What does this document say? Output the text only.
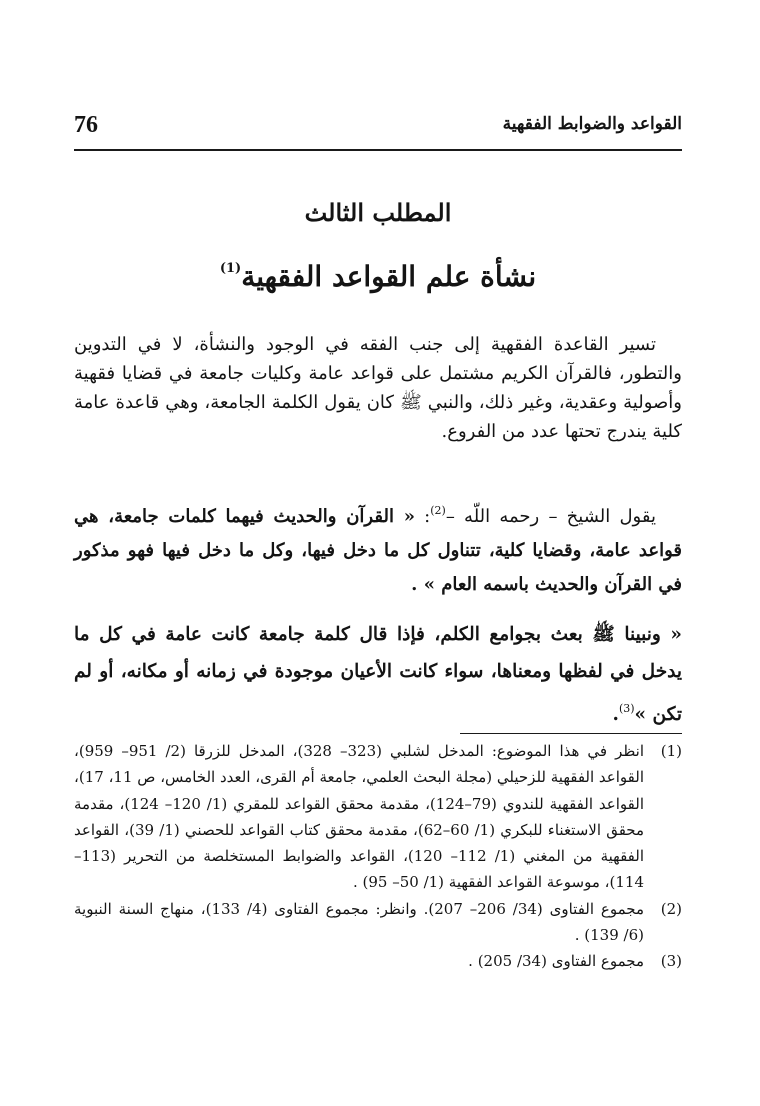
القواعد والضوابط الفقهية
76
المطلب الثالث
نشأة علم القواعد الفقهية$^{(1)}$
تسير القاعدة الفقهية إلى جنب الفقه في الوجود والنشأة، لا في التدوين والتطور، فالقرآن الكريم مشتمل على قواعد عامة وكليات جامعة في قضايا فقهية وأصولية وعقدية، وغير ذلك، والنبي ﷺ كان يقول الكلمة الجامعة، وهي قاعدة عامة كلية يندرج تحتها عدد من الفروع.
يقول الشيخ – رحمه اللّه –$^{(2)}$: « القرآن والحديث فيهما كلمات جامعة، هي قواعد عامة، وقضايا كلية، تتناول كل ما دخل فيها، وكل ما دخل فيها فهو مذكور في القرآن والحديث باسمه العام » .
« ونبينا ﷺ بعث بجوامع الكلم، فإذا قال كلمة جامعة كانت عامة في كل ما يدخل في لفظها ومعناها، سواء كانت الأعيان موجودة في زمانه أو مكانه، أو لم تكن »$^{(3)}$.
(1)
انظر في هذا الموضوع: المدخل لشلبي (323– 328)، المدخل للزرقا (2/ 951– 959)، القواعد الفقهية للزحيلي (مجلة البحث العلمي، جامعة أم القرى، العدد الخامس، ص 11، 17)، القواعد الفقهية للندوي (79–124)، مقدمة محقق القواعد للمقري (1/ 120– 124)، مقدمة محقق الاستغناء للبكري (1/ 60–62)، مقدمة محقق كتاب القواعد للحصني (1/ 39)، القواعد الفقهية من المغني (1/ 112– 120)، القواعد والضوابط المستخلصة من التحرير (113– 114)، موسوعة القواعد الفقهية (1/ 50– 95) .
(2)
مجموع الفتاوى (34/ 206– 207). وانظر: مجموع الفتاوى (4/ 133)، منهاج السنة النبوية (6/ 139) .
(3)
مجموع الفتاوى (34/ 205) .
